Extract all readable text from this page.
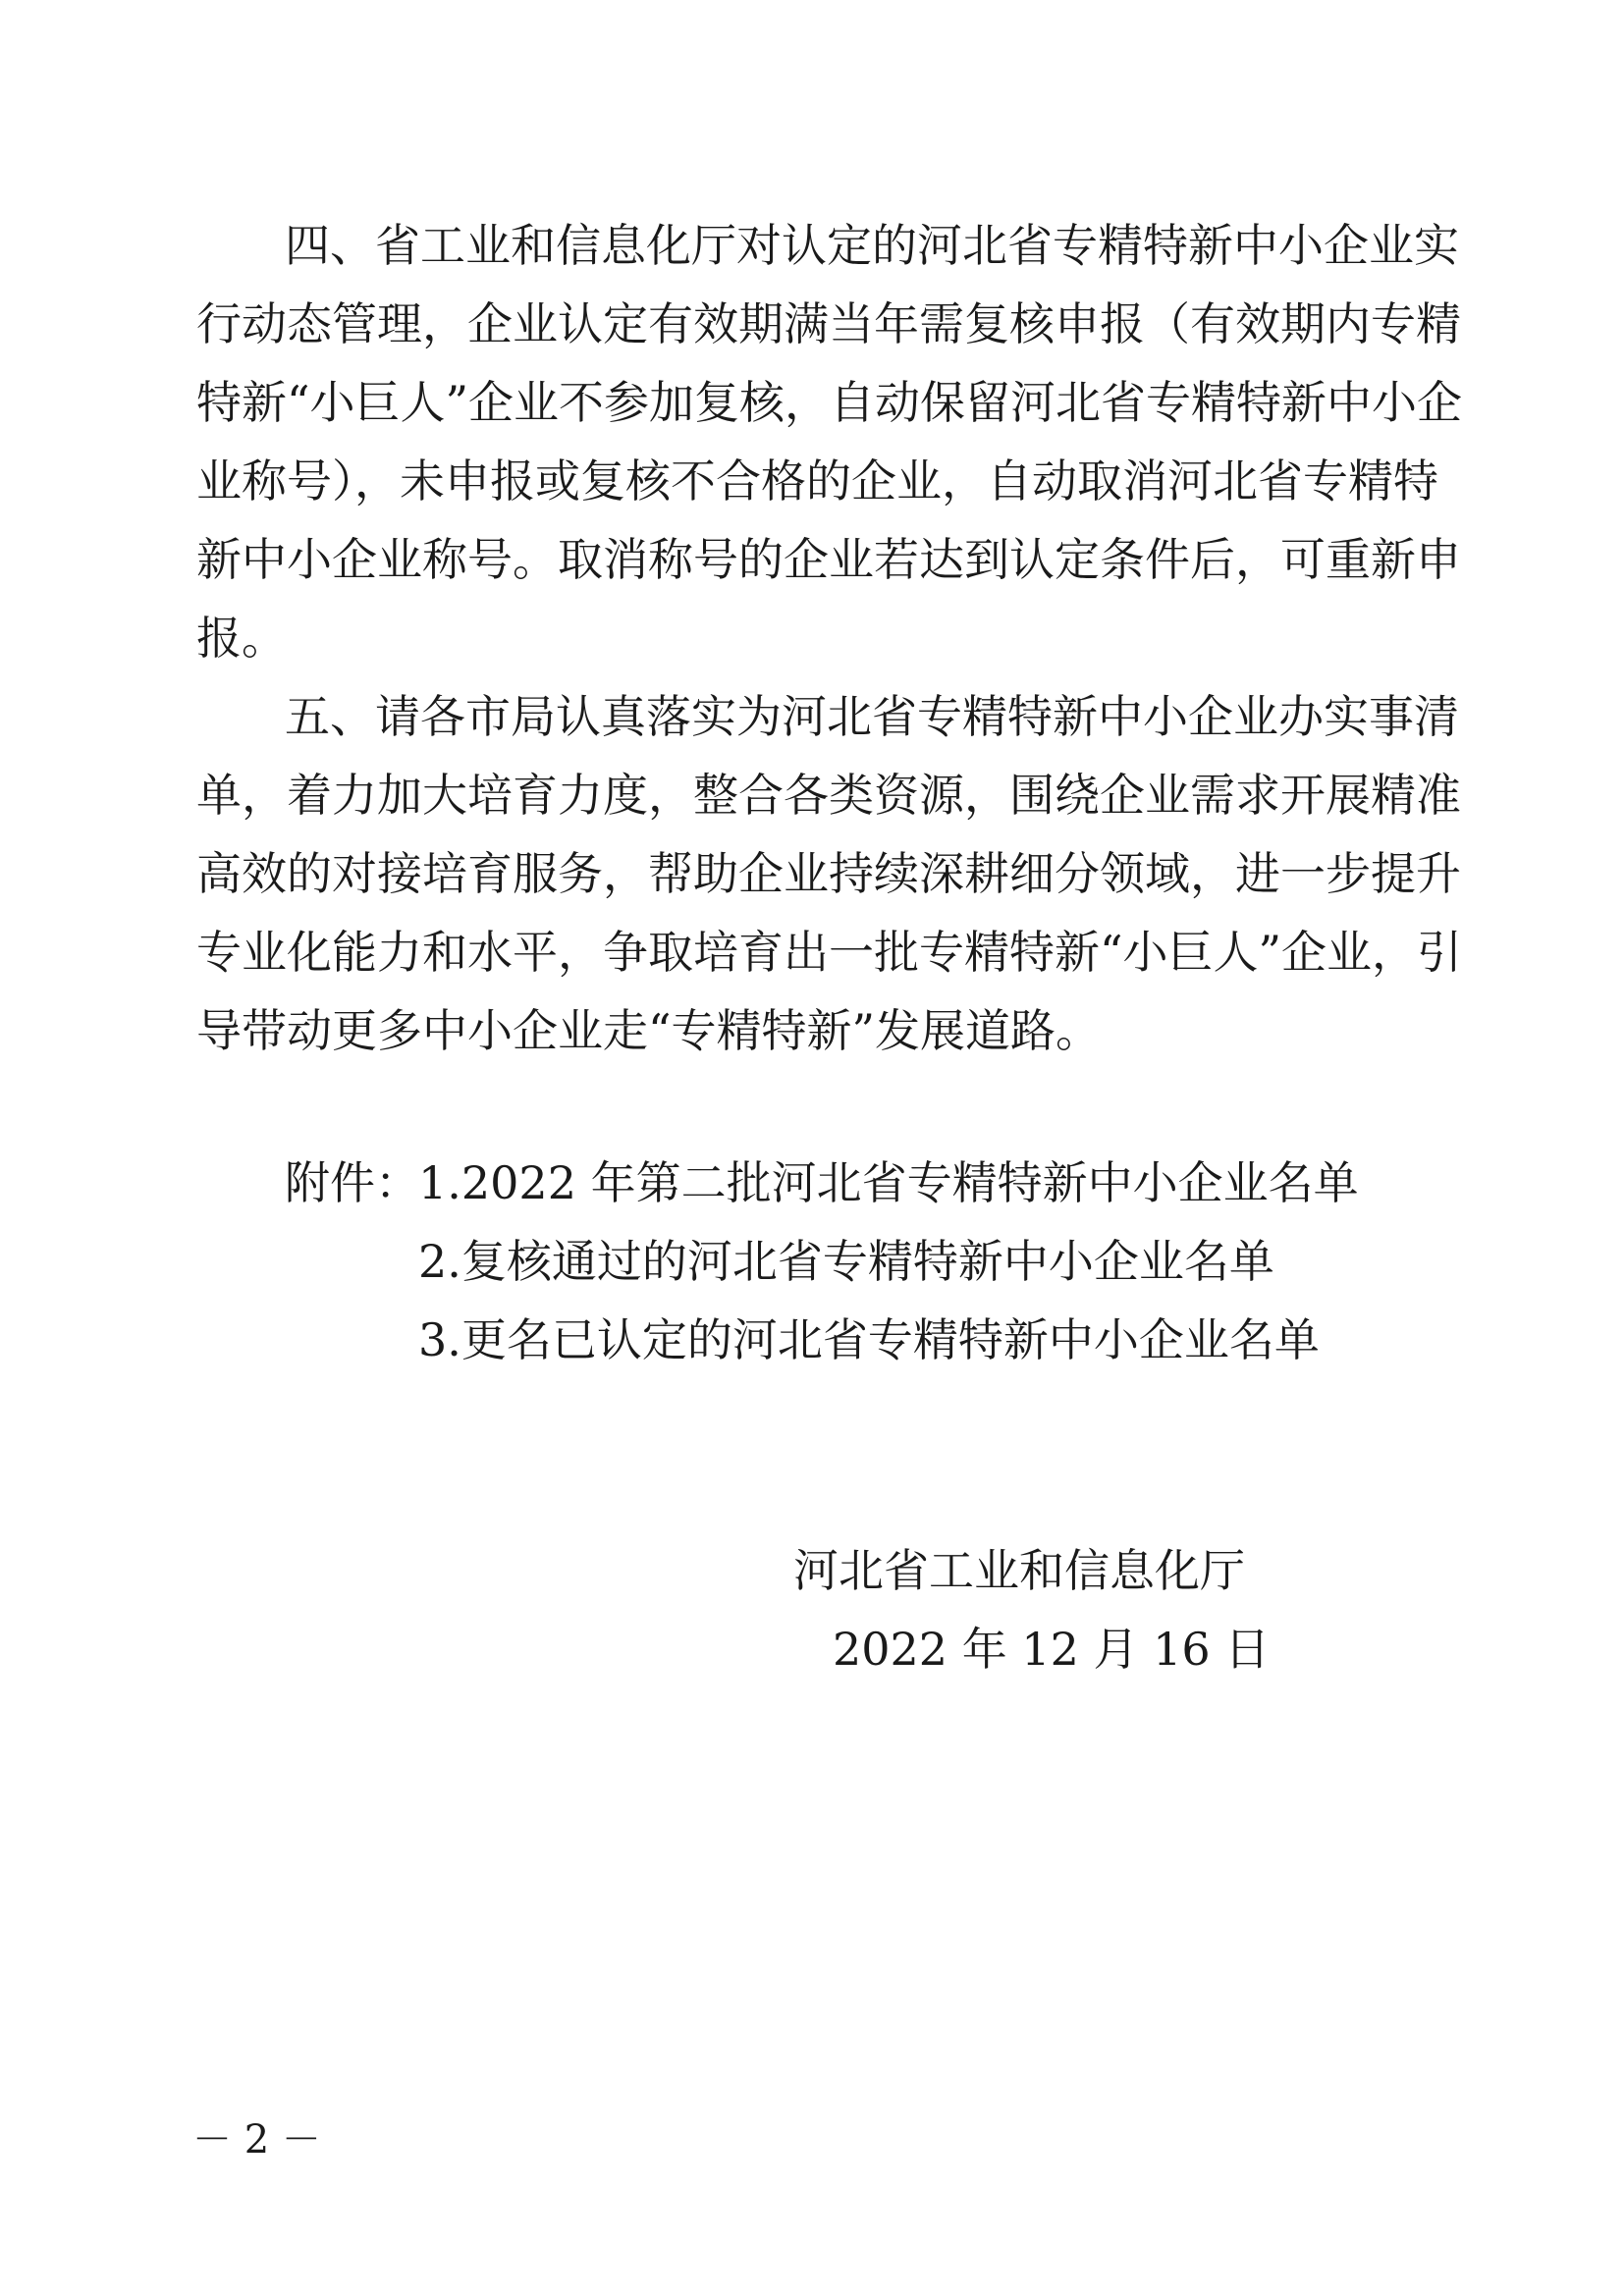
四、省工业和信息化厅对认定的河北省专精特新中小企业实
行动态管理，企业认定有效期满当年需复核申报（有效期内专精
特新“小巨人”企业不参加复核，自动保留河北省专精特新中小企
业称号），未申报或复核不合格的企业，自动取消河北省专精特
新中小企业称号。取消称号的企业若达到认定条件后，可重新申
报。
五、请各市局认真落实为河北省专精特新中小企业办实事清
单，着力加大培育力度，整合各类资源，围绕企业需求开展精准
高效的对接培育服务，帮助企业持续深耕细分领域，进一步提升
专业化能力和水平，争取培育出一批专精特新“小巨人”企业，引
导带动更多中小企业走“专精特新”发展道路。
附件：
1.2022 年第二批河北省专精特新中小企业名单
2.复核通过的河北省专精特新中小企业名单
3.更名已认定的河北省专精特新中小企业名单
河北省工业和信息化厅
2022 年 12 月 16 日
－ 2 －
